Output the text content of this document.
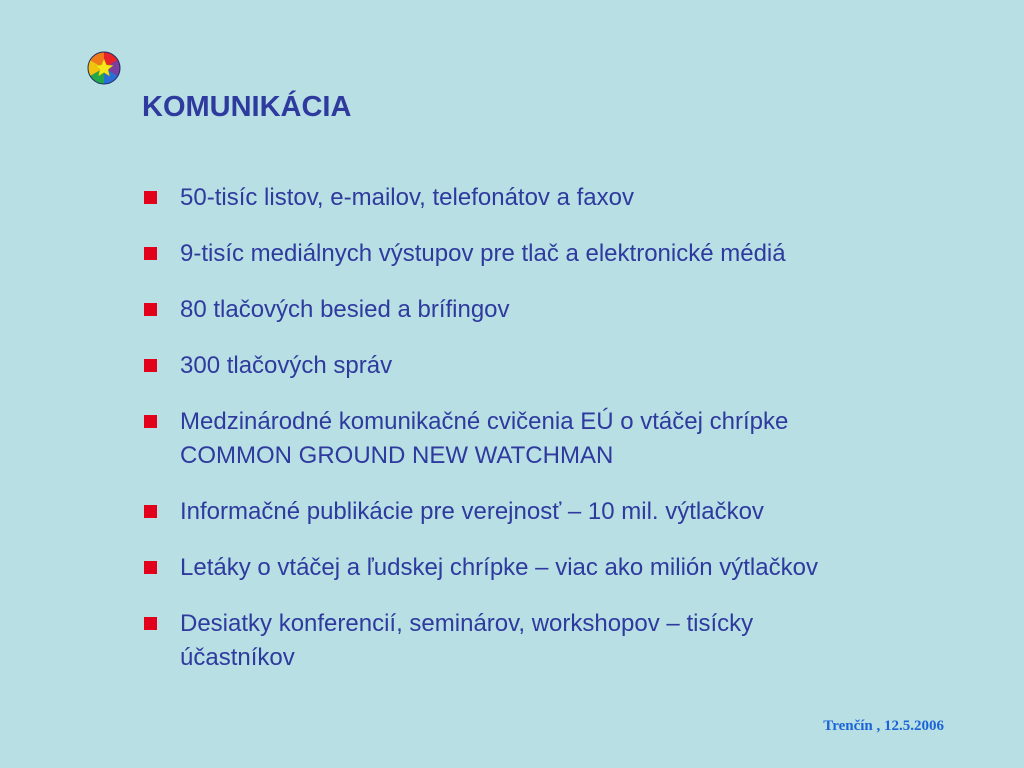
KOMUNIKÁCIA
50-tisíc listov, e-mailov, telefonátov a faxov
9-tisíc mediálnych výstupov pre tlač a elektronické médiá
80 tlačových besied a brífingov
300 tlačových správ
Medzinárodné komunikačné cvičenia EÚ o vtáčej chrípke
COMMON GROUND NEW WATCHMAN
Informačné publikácie pre verejnosť – 10 mil. výtlačkov
Letáky o vtáčej a ľudskej chrípke – viac ako milión výtlačkov
Desiatky konferencií, seminárov, workshopov – tisícky
účastníkov
Trenčín , 12.5.2006
